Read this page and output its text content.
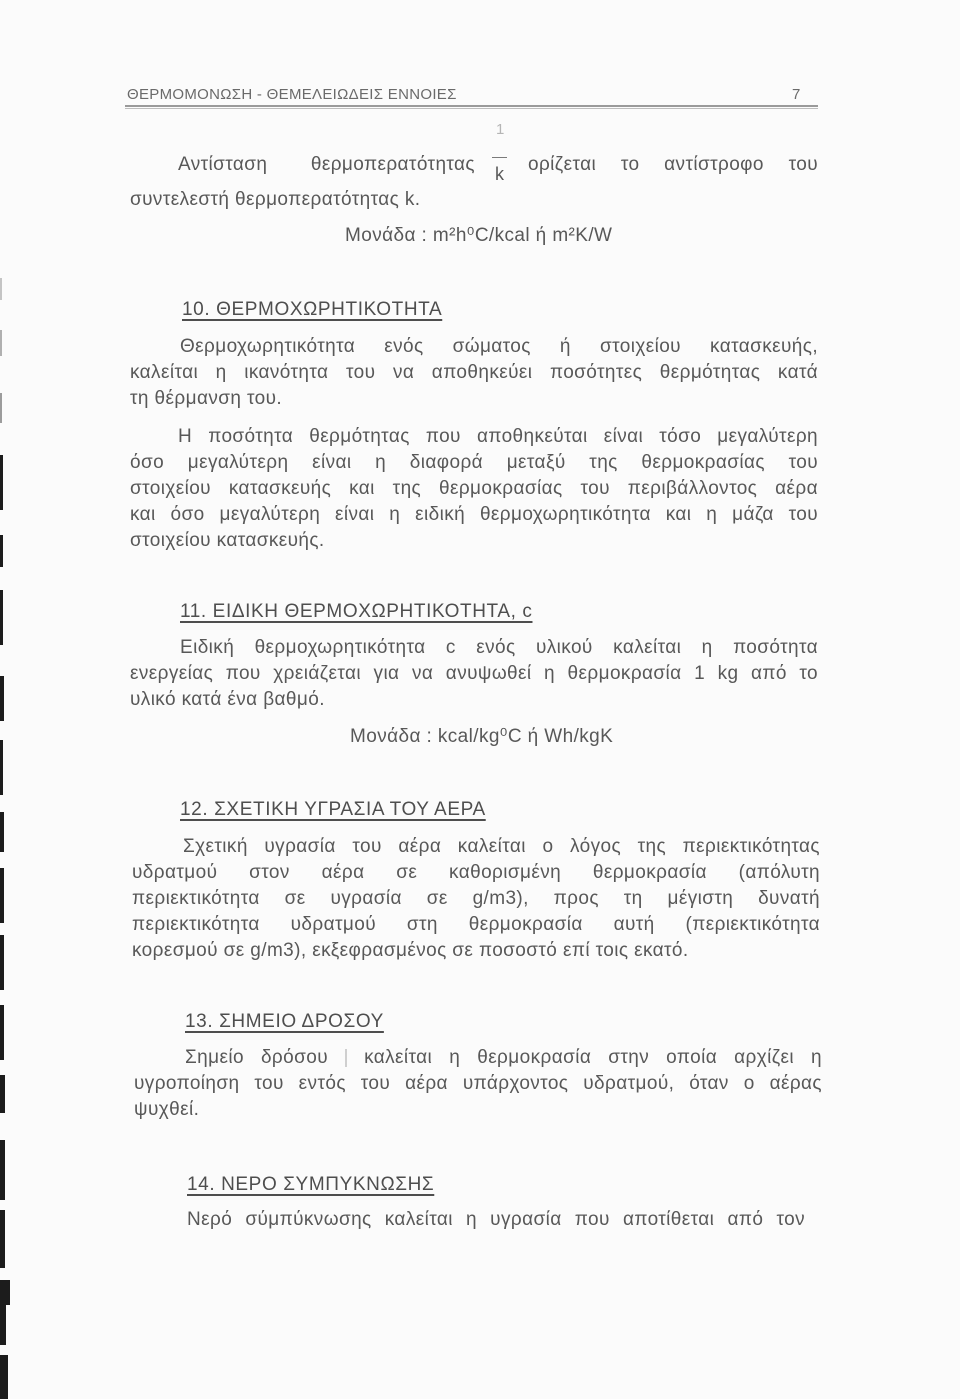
ΘΕΡΜΟΜΟΝΩΣΗ - ΘΕΜΕΛΕΙΩΔΕΙΣ ΕΝΝΟΙΕΣ	7
Αντίσταση θερμοπερατότητας
1
k ορίζεται το αντίστροφο του
συντελεστή θερμοπερατότητας k.
Μονάδα : m²h⁰C/kcal ή m²K/W
10. ΘΕΡΜΟΧΩΡΗΤΙΚΟΤΗΤΑ
Θερμοχωρητικότητα ενός σώματος ή στοιχείου κατασκευής,
καλείται η ικανότητα του να αποθηκεύει ποσότητες θερμότητας κατά
τη θέρμανση του.
Η ποσότητα θερμότητας που αποθηκεύται είναι τόσο μεγαλύτερη
όσο μεγαλύτερη είναι η διαφορά μεταξύ της θερμοκρασίας του
στοιχείου κατασκευής και της θερμοκρασίας του περιβάλλοντος αέρα
και όσο μεγαλύτερη είναι η ειδική θερμοχωρητικότητα και η μάζα του
στοιχείου κατασκευής.
11. ΕΙΔΙΚΗ ΘΕΡΜΟΧΩΡΗΤΙΚΟΤΗΤΑ, c
Ειδική θερμοχωρητικότητα c ενός υλικού καλείται η ποσότητα
ενεργείας που χρειάζεται για να ανυψωθεί η θερμοκρασία 1 kg από το
υλικό κατά ένα βαθμό.
Μονάδα : kcal/kg⁰C ή Wh/kgK
12. ΣΧΕΤΙΚΗ ΥΓΡΑΣΙΑ ΤΟΥ ΑΕΡΑ
Σχετική υγρασία του αέρα καλείται ο λόγος της περιεκτικότητας
υδρατμού στον αέρα σε καθορισμένη θερμοκρασία (απόλυτη
περιεκτικότητα σε υγρασία σε g/m3), προς τη μέγιστη δυνατή
περιεκτικότητα υδρατμού στη θερμοκρασία αυτή (περιεκτικότητα
κορεσμού σε g/m3), εκξεφρασμένος σε ποσοστό επί τοις εκατό.
13. ΣΗΜΕΙΟ ΔΡΟΣΟΥ
Σημείο δρόσου καλείται η θερμοκρασία στην οποία αρχίζει η
υγροποίηση του εντός του αέρα υπάρχοντος υδρατμού, όταν ο αέρας
ψυχθεί.
14. ΝΕΡΟ ΣΥΜΠΥΚΝΩΣΗΣ
Νερό σύμπύκνωσης καλείται η υγρασία που αποτίθεται από τον
